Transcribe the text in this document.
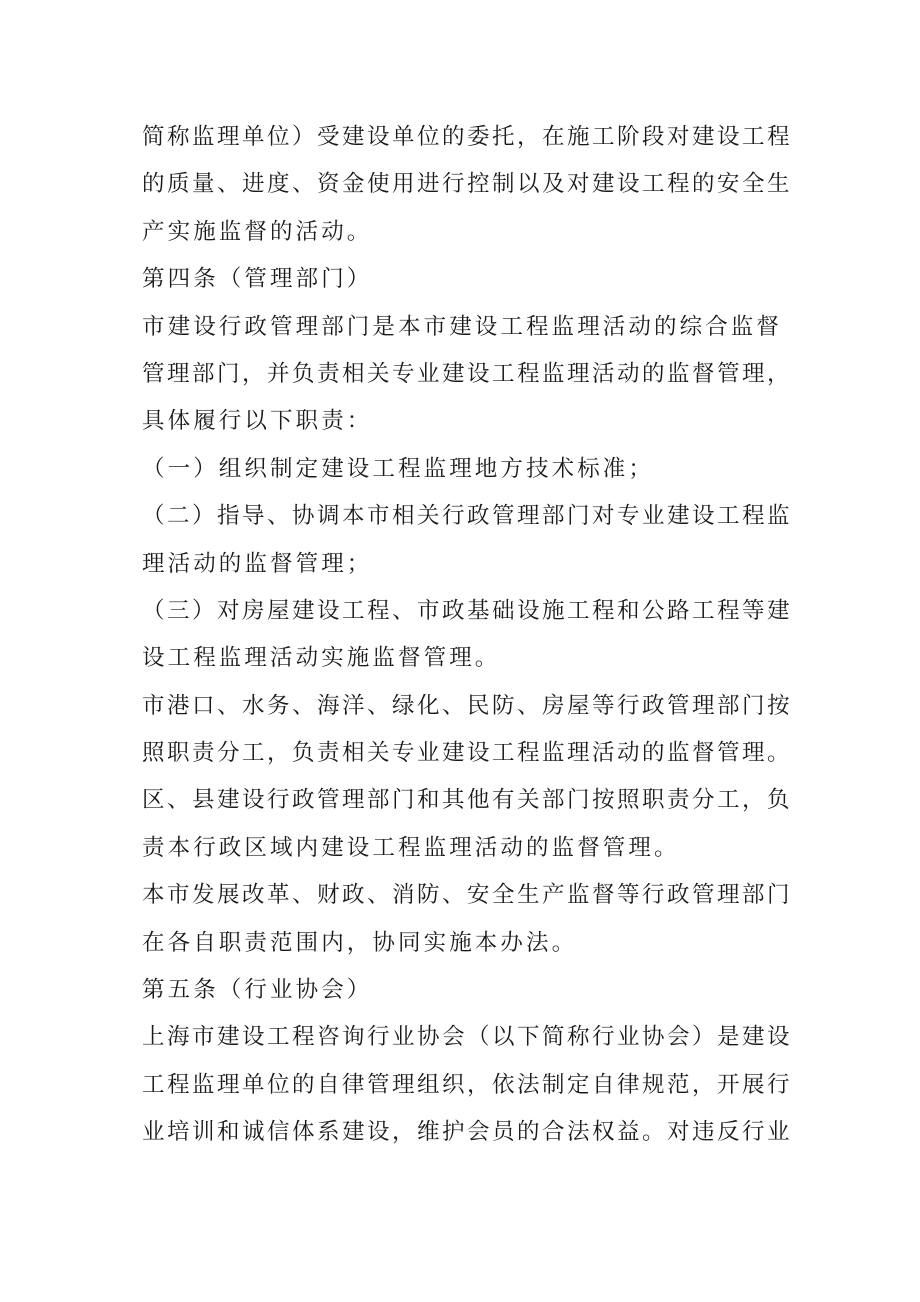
简称监理单位）受建设单位的委托，在施工阶段对建设工程
的质量、进度、资金使用进行控制以及对建设工程的安全生
产实施监督的活动。
第四条（管理部门）
市建设行政管理部门是本市建设工程监理活动的综合监督
管理部门，并负责相关专业建设工程监理活动的监督管理，
具体履行以下职责：
（一）组织制定建设工程监理地方技术标准；
（二）指导、协调本市相关行政管理部门对专业建设工程监
理活动的监督管理；
（三）对房屋建设工程、市政基础设施工程和公路工程等建
设工程监理活动实施监督管理。
市港口、水务、海洋、绿化、民防、房屋等行政管理部门按
照职责分工，负责相关专业建设工程监理活动的监督管理。
区、县建设行政管理部门和其他有关部门按照职责分工，负
责本行政区域内建设工程监理活动的监督管理。
本市发展改革、财政、消防、安全生产监督等行政管理部门
在各自职责范围内，协同实施本办法。
第五条（行业协会）
上海市建设工程咨询行业协会（以下简称行业协会）是建设
工程监理单位的自律管理组织，依法制定自律规范，开展行
业培训和诚信体系建设，维护会员的合法权益。对违反行业
